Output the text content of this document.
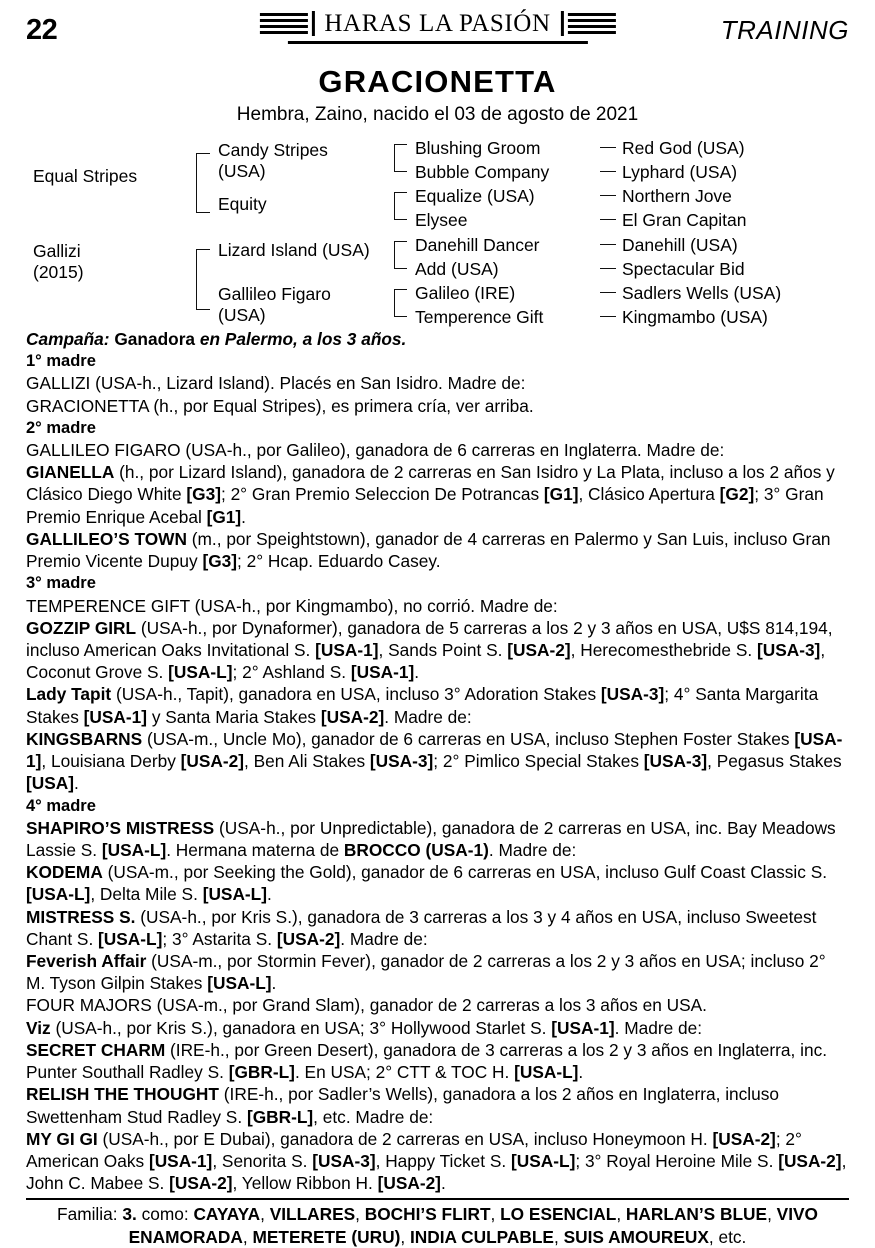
22	HARAS LA PASIÓN	TRAINING
GRACIONETTA
Hembra, Zaino, nacido el 03 de agosto de 2021
Equal Stripes
Gallizi
(2015)
Candy Stripes (USA)
Equity
Lizard Island (USA)
Gallileo Figaro (USA)
Blushing Groom
Bubble Company
Equalize (USA)
Elysee
Danehill Dancer
Add (USA)
Galileo (IRE)
Temperence Gift
Red God (USA)
Lyphard (USA)
Northern Jove
El Gran Capitan
Danehill (USA)
Spectacular Bid
Sadlers Wells (USA)
Kingmambo (USA)
Campaña: Ganadora en Palermo, a los 3 años.
1° madre

GALLIZI (USA-h., Lizard Island). Placés en San Isidro. Madre de:

GRACIONETTA (h., por Equal Stripes), es primera cría, ver arriba.

2° madre

GALLILEO FIGARO (USA-h., por Galileo), ganadora de 6 carreras en Inglaterra. Madre de:

GIANELLA (h., por Lizard Island), ganadora de 2 carreras en San Isidro y La Plata, incluso a los 2 años y Clásico Diego White [G3]; 2° Gran Premio Seleccion De Potrancas [G1], Clásico Apertura [G2]; 3° Gran Premio Enrique Acebal [G1].

GALLILEO’S TOWN (m., por Speightstown), ganador de 4 carreras en Palermo y San Luis, incluso Gran Premio Vicente Dupuy [G3]; 2° Hcap. Eduardo Casey.

3° madre

TEMPERENCE GIFT (USA-h., por Kingmambo), no corrió. Madre de:

GOZZIP GIRL (USA-h., por Dynaformer), ganadora de 5 carreras a los 2 y 3 años en USA, U$S 814,194, incluso American Oaks Invitational S. [USA-1], Sands Point S. [USA-2], Herecomesthebride S. [USA-3], Coconut Grove S. [USA-L]; 2° Ashland S. [USA-1].

Lady Tapit (USA-h., Tapit), ganadora en USA, incluso 3° Adoration Stakes [USA-3]; 4° Santa Margarita Stakes [USA-1] y Santa Maria Stakes [USA-2]. Madre de:

KINGSBARNS (USA-m., Uncle Mo), ganador de 6 carreras en USA, incluso Stephen Foster Stakes [USA-1], Louisiana Derby [USA-2], Ben Ali Stakes [USA-3]; 2° Pimlico Special Stakes [USA-3], Pegasus Stakes [USA].

4° madre

SHAPIRO’S MISTRESS (USA-h., por Unpredictable), ganadora de 2 carreras en USA, inc. Bay Meadows Lassie S. [USA-L]. Hermana materna de BROCCO (USA-1). Madre de:

KODEMA (USA-m., por Seeking the Gold), ganador de 6 carreras en USA, incluso Gulf Coast Classic S. [USA-L], Delta Mile S. [USA-L].

MISTRESS S. (USA-h., por Kris S.), ganadora de 3 carreras a los 3 y 4 años en USA, incluso Sweetest Chant S. [USA-L]; 3° Astarita S. [USA-2]. Madre de:

Feverish Affair (USA-m., por Stormin Fever), ganador de 2 carreras a los 2 y 3 años en USA; incluso 2° M. Tyson Gilpin Stakes [USA-L].

FOUR MAJORS (USA-m., por Grand Slam), ganador de 2 carreras a los 3 años en USA.

Viz (USA-h., por Kris S.), ganadora en USA; 3° Hollywood Starlet S. [USA-1]. Madre de:

SECRET CHARM (IRE-h., por Green Desert), ganadora de 3 carreras a los 2 y 3 años en Inglaterra, inc. Punter Southall Radley S. [GBR-L]. En USA; 2° CTT & TOC H. [USA-L].

RELISH THE THOUGHT (IRE-h., por Sadler’s Wells), ganadora a los 2 años en Inglaterra, incluso Swettenham Stud Radley S. [GBR-L], etc. Madre de:

MY GI GI (USA-h., por E Dubai), ganadora de 2 carreras en USA, incluso Honeymoon H. [USA-2]; 2° American Oaks [USA-1], Senorita S. [USA-3], Happy Ticket S. [USA-L]; 3° Royal Heroine Mile S. [USA-2], John C. Mabee S. [USA-2], Yellow Ribbon H. [USA-2].

Familia: 3. como: CAYAYA, VILLARES, BOCHI’S FLIRT, LO ESENCIAL, HARLAN’S BLUE, VIVO ENAMORADA, METERETE (URU), INDIA CULPABLE, SUIS AMOUREUX, etc.
